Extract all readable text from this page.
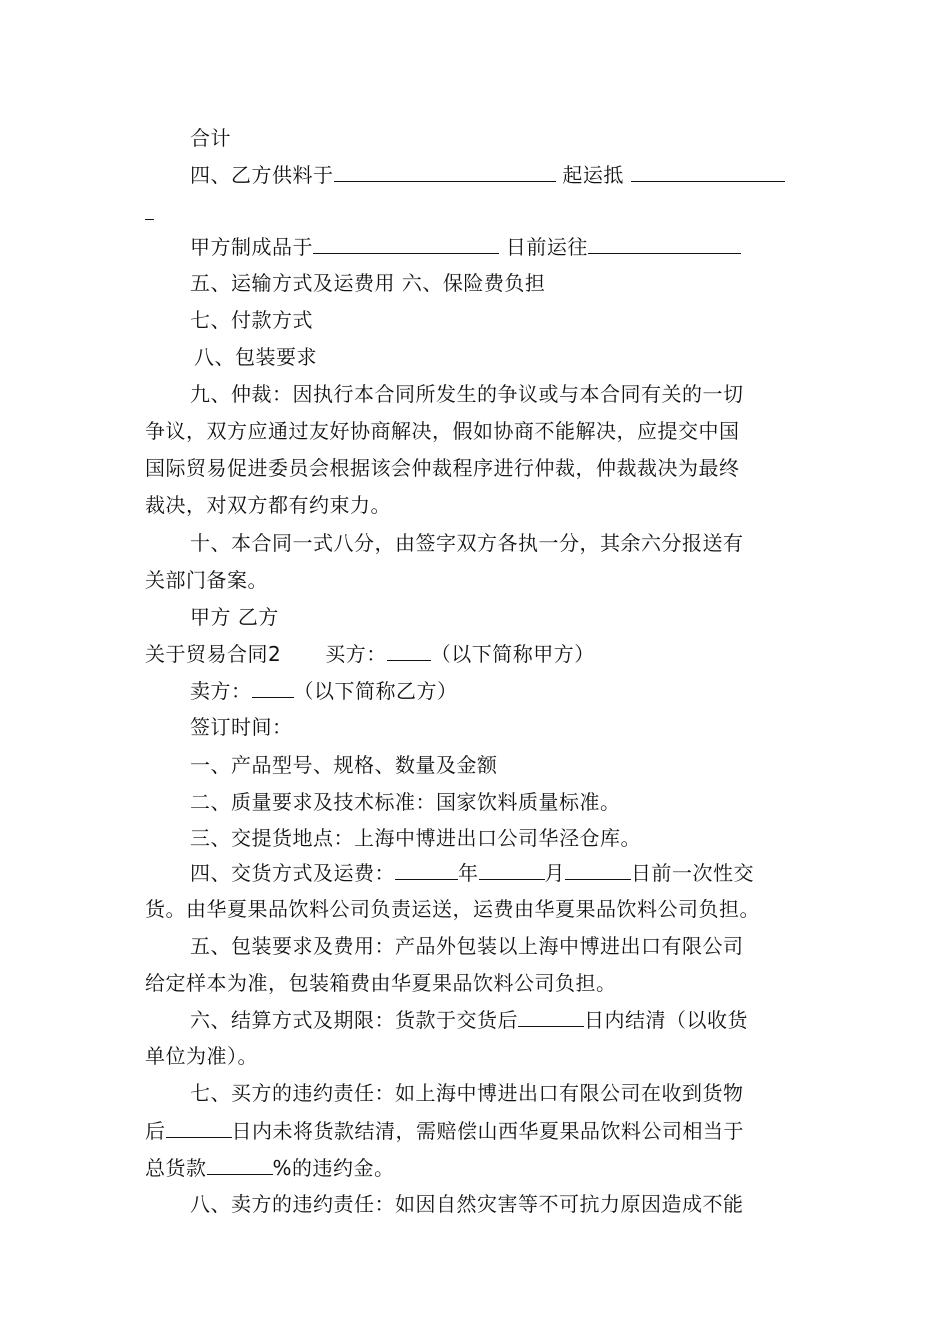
合计
四、乙方供料于	起运抵
甲方制成品于	日前运往
五、运输方式及运费用 六、保险费负担
七、付款方式
八、包装要求
九、仲裁：因执行本合同所发生的争议或与本合同有关的一切
争议，双方应通过友好协商解决，假如协商不能解决，应提交中国
国际贸易促进委员会根据该会仲裁程序进行仲裁，仲裁裁决为最终
裁决，对双方都有约束力。
十、本合同一式八分，由签字双方各执一分，其余六分报送有
关部门备案。
甲方 乙方
关于贸易合同2 买方： （以下简称甲方）
卖方： （以下简称乙方）
签订时间：
一、产品型号、规格、数量及金额
二、质量要求及技术标准：国家饮料质量标准。
三、交提货地点：上海中博进出口公司华泾仓库。
四、交货方式及运费：	年	月	日前一次性交
货。由华夏果品饮料公司负责运送，运费由华夏果品饮料公司负担。
五、包装要求及费用：产品外包装以上海中博进出口有限公司
给定样本为准，包装箱费由华夏果品饮料公司负担。
六、结算方式及期限：货款于交货后	日内结清（以收货
单位为准）。
七、买方的违约责任：如上海中博进出口有限公司在收到货物
后	日内未将货款结清，需赔偿山西华夏果品饮料公司相当于
总货款	%的违约金。
八、卖方的违约责任：如因自然灾害等不可抗力原因造成不能
